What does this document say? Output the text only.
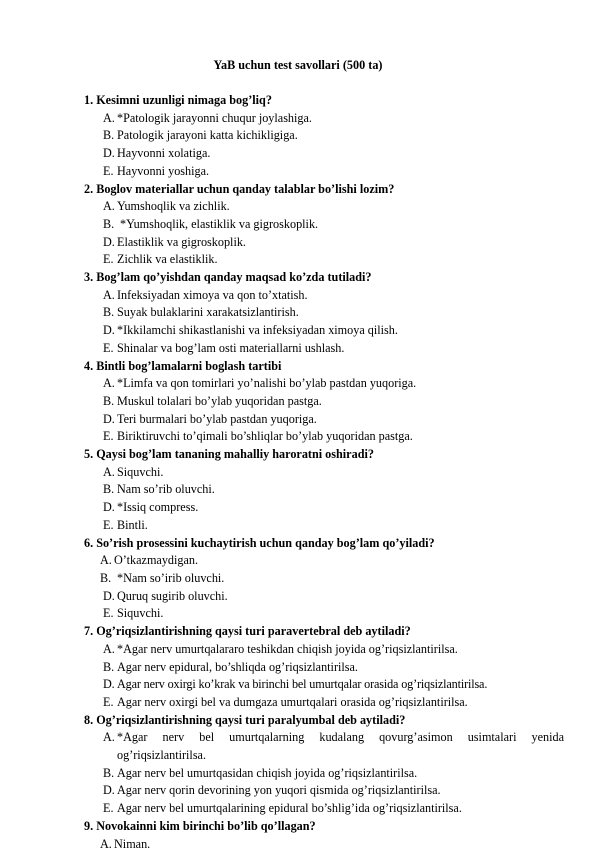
YaB uchun test savollari (500 ta)
1. Kesimni uzunligi nimaga bog’liq?
A. *Patologik jarayonni chuqur joylashiga.
B. Patologik jarayoni katta kichikligiga.
D. Hayvonni xolatiga.
E. Hayvonni yoshiga.
2. Boglov materiallar uchun qanday talablar bo’lishi lozim?
A. Yumshoqlik va zichlik.
B. *Yumshoqlik, elastiklik va gigroskoplik.
D. Elastiklik va gigroskoplik.
E. Zichlik va elastiklik.
3. Bog’lam qo’yishdan qanday maqsad ko’zda tutiladi?
A. Infeksiyadan ximoya va qon to’xtatish.
B. Suyak bulaklarini xarakatsizlantirish.
D. *Ikkilamchi shikastlanishi va infeksiyadan ximoya qilish.
E. Shinalar va bog’lam osti materiallarni ushlash.
4. Bintli bog’lamalarni boglash tartibi
A. *Limfa va qon tomirlari yo’nalishi bo’ylab pastdan yuqoriga.
B. Muskul tolalari bo’ylab yuqoridan pastga.
D. Teri burmalari bo’ylab pastdan yuqoriga.
E. Biriktiruvchi to’qimali bo’shliqlar bo’ylab yuqoridan pastga.
5. Qaysi bog’lam tananing mahalliy haroratni oshiradi?
A. Siquvchi.
B. Nam so’rib oluvchi.
D. *Issiq compress.
E. Bintli.
6. So’rish prosessini kuchaytirish uchun qanday bog’lam qo’yiladi?
A. O’tkazmaydigan.
B. *Nam so’irib oluvchi.
D. Quruq sugirib oluvchi.
E. Siquvchi.
7. Og’riqsizlantirishning qaysi turi paravertebral deb aytiladi?
A. *Agar nerv umurtqalararo teshikdan chiqish joyida og’riqsizlantirilsa.
B. Agar nerv epidural, bo’shliqda og’riqsizlantirilsa.
D. Agar nerv oxirgi ko’krak va birinchi bel umurtqalar orasida og’riqsizlantirilsa.
E. Agar nerv oxirgi bel va dumgaza umurtqalari orasida og’riqsizlantirilsa.
8. Og’riqsizlantirishning qaysi turi paralyumbal deb aytiladi?
A. *Agar nerv bel umurtqalarning kudalang qovurg’asimon usimtalari yenida og’riqsizlantirilsa.
B. Agar nerv bel umurtqasidan chiqish joyida og’riqsizlantirilsa.
D. Agar nerv qorin devorining yon yuqori qismida og’riqsizlantirilsa.
E. Agar nerv bel umurtqalarining epidural bo’shlig’ida og’riqsizlantirilsa.
9. Novokainni kim birinchi bo’lib qo’llagan?
A. Niman.
